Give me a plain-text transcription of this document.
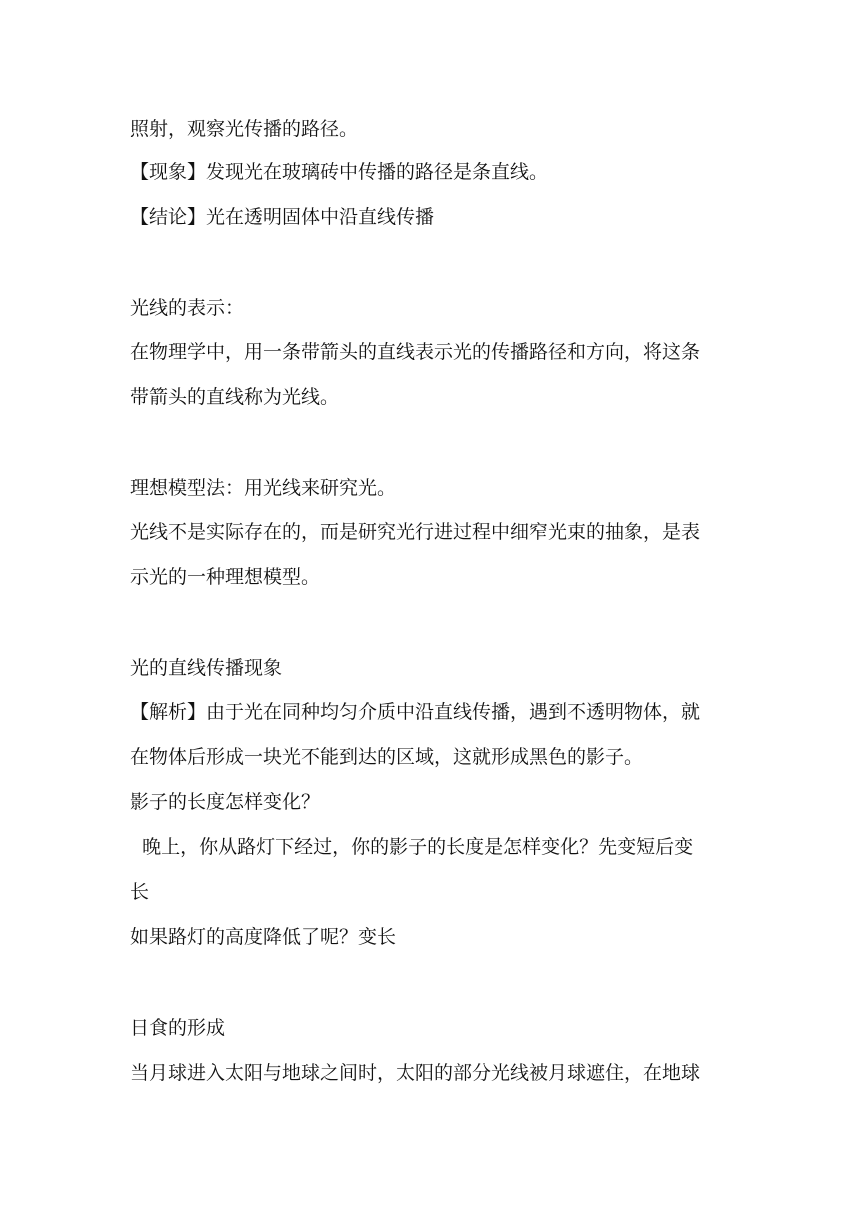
照射，观察光传播的路径。
【现象】发现光在玻璃砖中传播的路径是条直线。
【结论】光在透明固体中沿直线传播
光线的表示：
在物理学中，用一条带箭头的直线表示光的传播路径和方向，将这条
带箭头的直线称为光线。
理想模型法：用光线来研究光。
光线不是实际存在的，而是研究光行进过程中细窄光束的抽象，是表
示光的一种理想模型。
光的直线传播现象
【解析】由于光在同种均匀介质中沿直线传播，遇到不透明物体，就
在物体后形成一块光不能到达的区域，这就形成黑色的影子。
影子的长度怎样变化？
晚上，你从路灯下经过，你的影子的长度是怎样变化？先变短后变
长
如果路灯的高度降低了呢？变长
日食的形成
当月球进入太阳与地球之间时，太阳的部分光线被月球遮住，在地球
